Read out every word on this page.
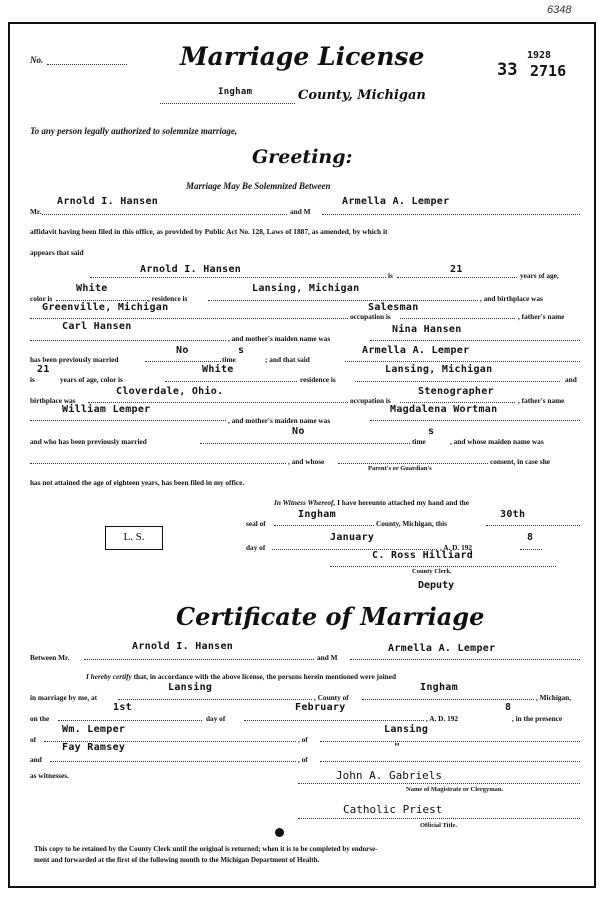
6348
No.	Marriage License	1928
33 2716
Ingham	County, Michigan
To any person legally authorized to solemnize marriage,
Greeting:
Marriage May Be Solemnized Between
Mr.
Arnold I. Hansen
and M
Armella A. Lemper
affidavit having been filed in this office, as provided by Public Act No. 128, Laws of 1887, as amended, by which it
appears that said
Arnold I. Hansen
is
21
years of age,
color is
White
, residence is
Lansing, Michigan
, and birthplace was
Greenville, Michigan
occupation is
Salesman
, father's name
Carl Hansen
, and mother's maiden name was
Nina Hansen
has been previously married
No
time
s
; and that said
Armella A. Lemper
is
21
years of age, color is
White
residence is
Lansing, Michigan
and
birthplace was
Cloverdale, Ohio.
occupation is
Stenographer
, father's name
William Lemper
, and mother's maiden name was
Magdalena Wortman
and who has been previously married
No
time
s
, and whose maiden name was
, and whose
Parent's or Guardian's
consent, in case she
has not attained the age of eighteen years, has been filed in my office.
In Witness Whereof, I have hereunto attached my hand and the
seal of
Ingham
County, Michigan, this
30th
L. S.
day of
January
, A. D. 192
8
C. Ross Hilliard
County Clerk.
Deputy
Certificate of Marriage
Between Mr.
Arnold I. Hansen
and M
Armella A. Lemper
I hereby certify that, in accordance with the above license, the persons herein mentioned were joined
in marriage by me, at
Lansing
, County of
Ingham
, Michigan,
on the
1st
day of
February
, A. D. 192
8
, in the presence
of
Wm. Lemper
, of
Lansing
and
Fay Ramsey
, of
"
as witnesses.	John A. Gabriels
Name of Magistrate or Clergyman.
Catholic Priest
Official Title.
This copy to be retained by the County Clerk until the original is returned; when it is to be completed by endorse-
ment and forwarded at the first of the following month to the Michigan Department of Health.
